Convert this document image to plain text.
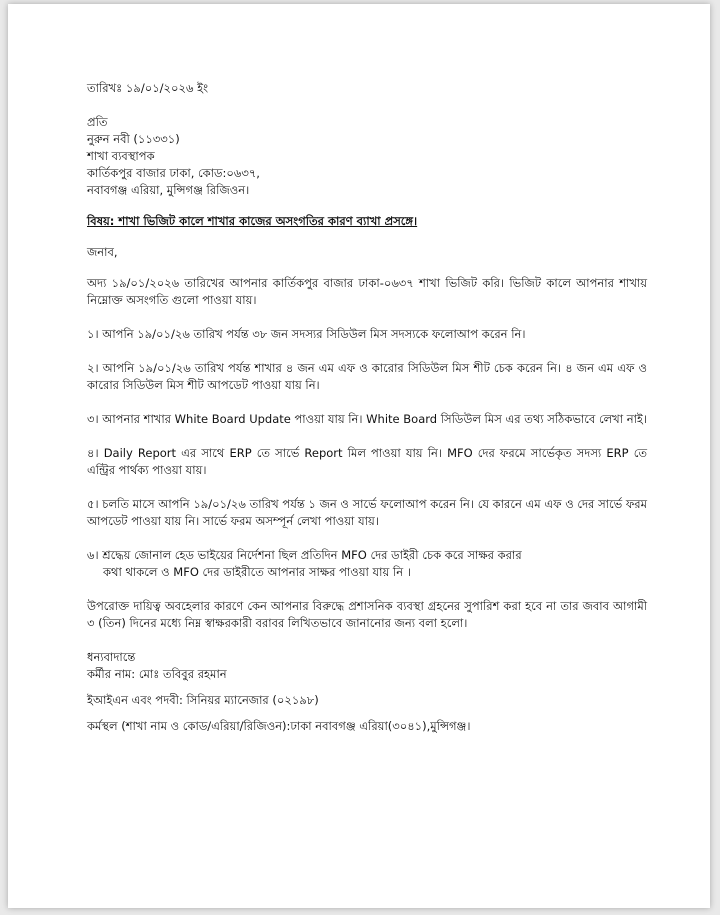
তারিখঃ ১৯/০১/২০২৬ ইং
প্রতি
নুরুন নবী (১১৩৩১)
শাখা ব্যবস্থাপক
কার্তিকপুর বাজার ঢাকা, কোড:০৬৩৭,
নবাবগঞ্জ এরিয়া, মুন্সিগঞ্জ রিজিওন।
বিষয়: শাখা ভিজিট কালে শাখার কাজের অসংগতির কারণ ব্যাখা প্রসঙ্গে।
জনাব,

অদ্য ১৯/০১/২০২৬ তারিখের আপনার কার্তিকপুর বাজার ঢাকা-০৬৩৭ শাখা ভিজিট করি। ভিজিট কালে আপনার শাখায় নিম্নোক্ত অসংগতি গুলো পাওয়া যায়।

১। আপনি ১৯/০১/২৬ তারিখ পর্যন্ত ৩৮ জন সদস্যর সিডিউল মিস সদস্যকে ফলোআপ করেন নি।

২। আপনি ১৯/০১/২৬ তারিখ পর্যন্ত শাখার ৪ জন এম এফ ও কারোর সিডিউল মিস শীট চেক করেন নি। ৪ জন এম এফ ও কারোর সিডিউল মিস শীট আপডেট পাওয়া যায় নি।

৩। আপনার শাখার White Board Update পাওয়া যায় নি। White Board সিডিউল মিস এর তথ্য সঠিকভাবে লেখা নাই।

৪। Daily Report এর সাথে ERP তে সার্ভে Report মিল পাওয়া যায় নি। MFO দের ফরমে সার্ভেকৃত সদস্য ERP তে এন্ট্রির পার্থক্য পাওয়া যায়।

৫। চলতি মাসে আপনি ১৯/০১/২৬ তারিখ পর্যন্ত ১ জন ও সার্ভে ফলোআপ করেন নি। যে কারনে এম এফ ও দের সার্ভে ফরম আপডেট পাওয়া যায় নি। সার্ভে ফরম অসম্পূর্ন লেখা পাওয়া যায়।

৬। শ্রদ্ধেয় জোনাল হেড ভাইয়ের নির্দেশনা ছিল প্রতিদিন MFO দের ডাইরী চেক করে সাক্ষর করার
কথা থাকলে ও MFO দের ডাইরীতে আপনার সাক্ষর পাওয়া যায় নি ।

উপরোক্ত দায়িত্ব অবহেলার কারণে কেন আপনার বিরুদ্ধে প্রশাসনিক ব্যবস্থা গ্রহনের সুপারিশ করা হবে না তার জবাব আগামী ৩ (তিন) দিনের মধ্যে নিম্ন স্বাক্ষরকারী বরাবর লিখিতভাবে জানানোর জন্য বলা হলো।

ধন্যবাদান্তে
কর্মীর নাম: মোঃ তবিবুর রহমান
ইআইএন এবং পদবী: সিনিয়র ম্যানেজার (০২১৯৮)
কর্মস্থল (শাখা নাম ও কোড/এরিয়া/রিজিওন):ঢাকা নবাবগঞ্জ এরিয়া(৩০৪১),মুন্সিগঞ্জ।
